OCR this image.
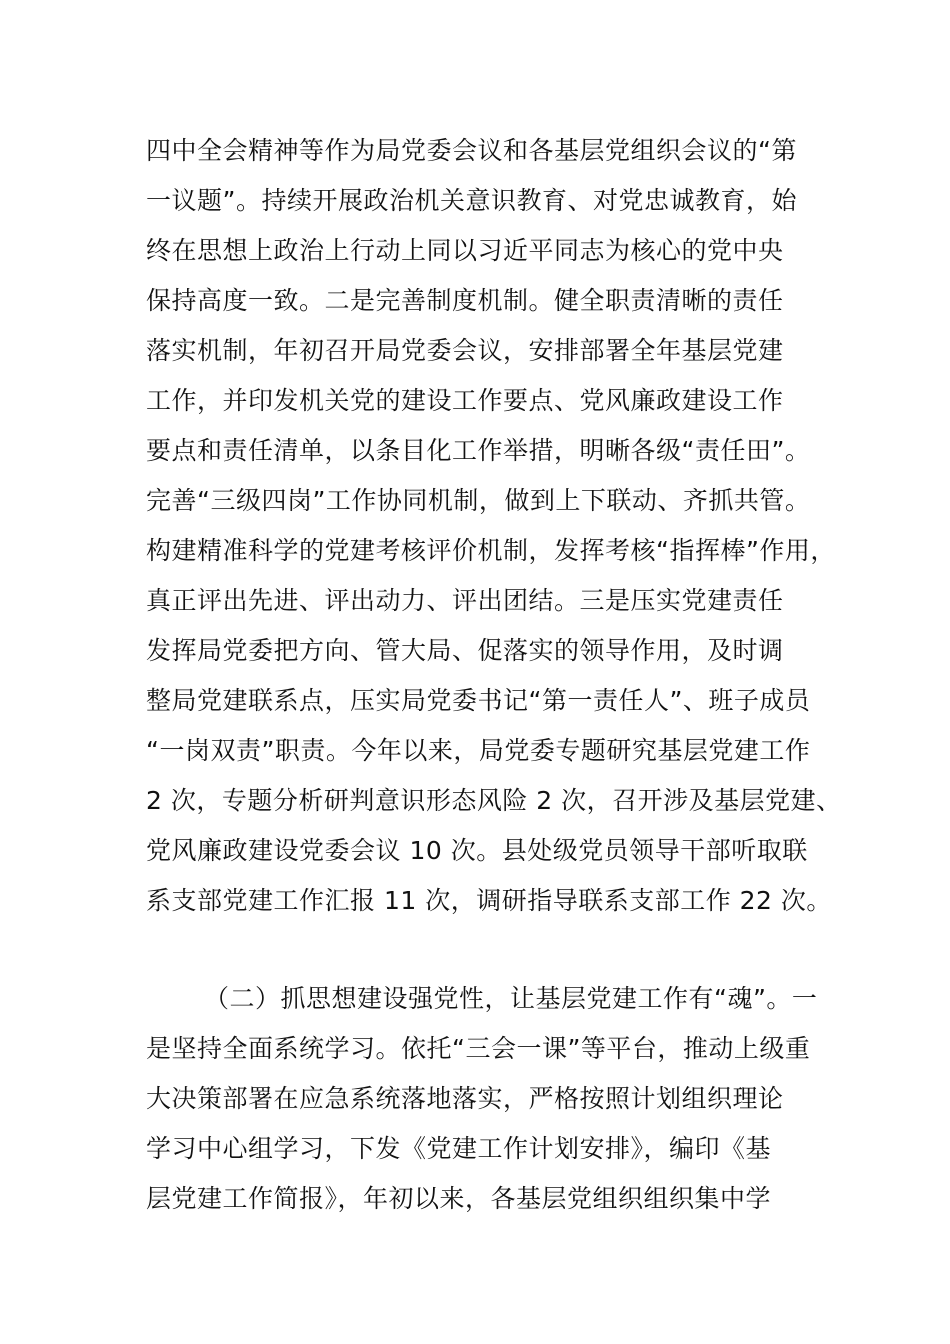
四中全会精神等作为局党委会议和各基层党组织会议的“第
一议题”。持续开展政治机关意识教育、对党忠诚教育，始
终在思想上政治上行动上同以习近平同志为核心的党中央
保持高度一致。二是完善制度机制。健全职责清晰的责任
落实机制，年初召开局党委会议，安排部署全年基层党建
工作，并印发机关党的建设工作要点、党风廉政建设工作
要点和责任清单，以条目化工作举措，明晰各级“责任田”。
完善“三级四岗”工作协同机制，做到上下联动、齐抓共管。
构建精准科学的党建考核评价机制，发挥考核“指挥棒”作用，
真正评出先进、评出动力、评出团结。三是压实党建责任
发挥局党委把方向、管大局、促落实的领导作用，及时调
整局党建联系点，压实局党委书记“第一责任人”、班子成员
“一岗双责”职责。今年以来，局党委专题研究基层党建工作
2 次，专题分析研判意识形态风险 2 次，召开涉及基层党建、
党风廉政建设党委会议 10 次。县处级党员领导干部听取联
系支部党建工作汇报 11 次，调研指导联系支部工作 22 次。
（二）抓思想建设强党性，让基层党建工作有“魂”。一
是坚持全面系统学习。依托“三会一课”等平台，推动上级重
大决策部署在应急系统落地落实，严格按照计划组织理论
学习中心组学习，下发《党建工作计划安排》，编印《基
层党建工作简报》，年初以来，各基层党组织组织集中学
